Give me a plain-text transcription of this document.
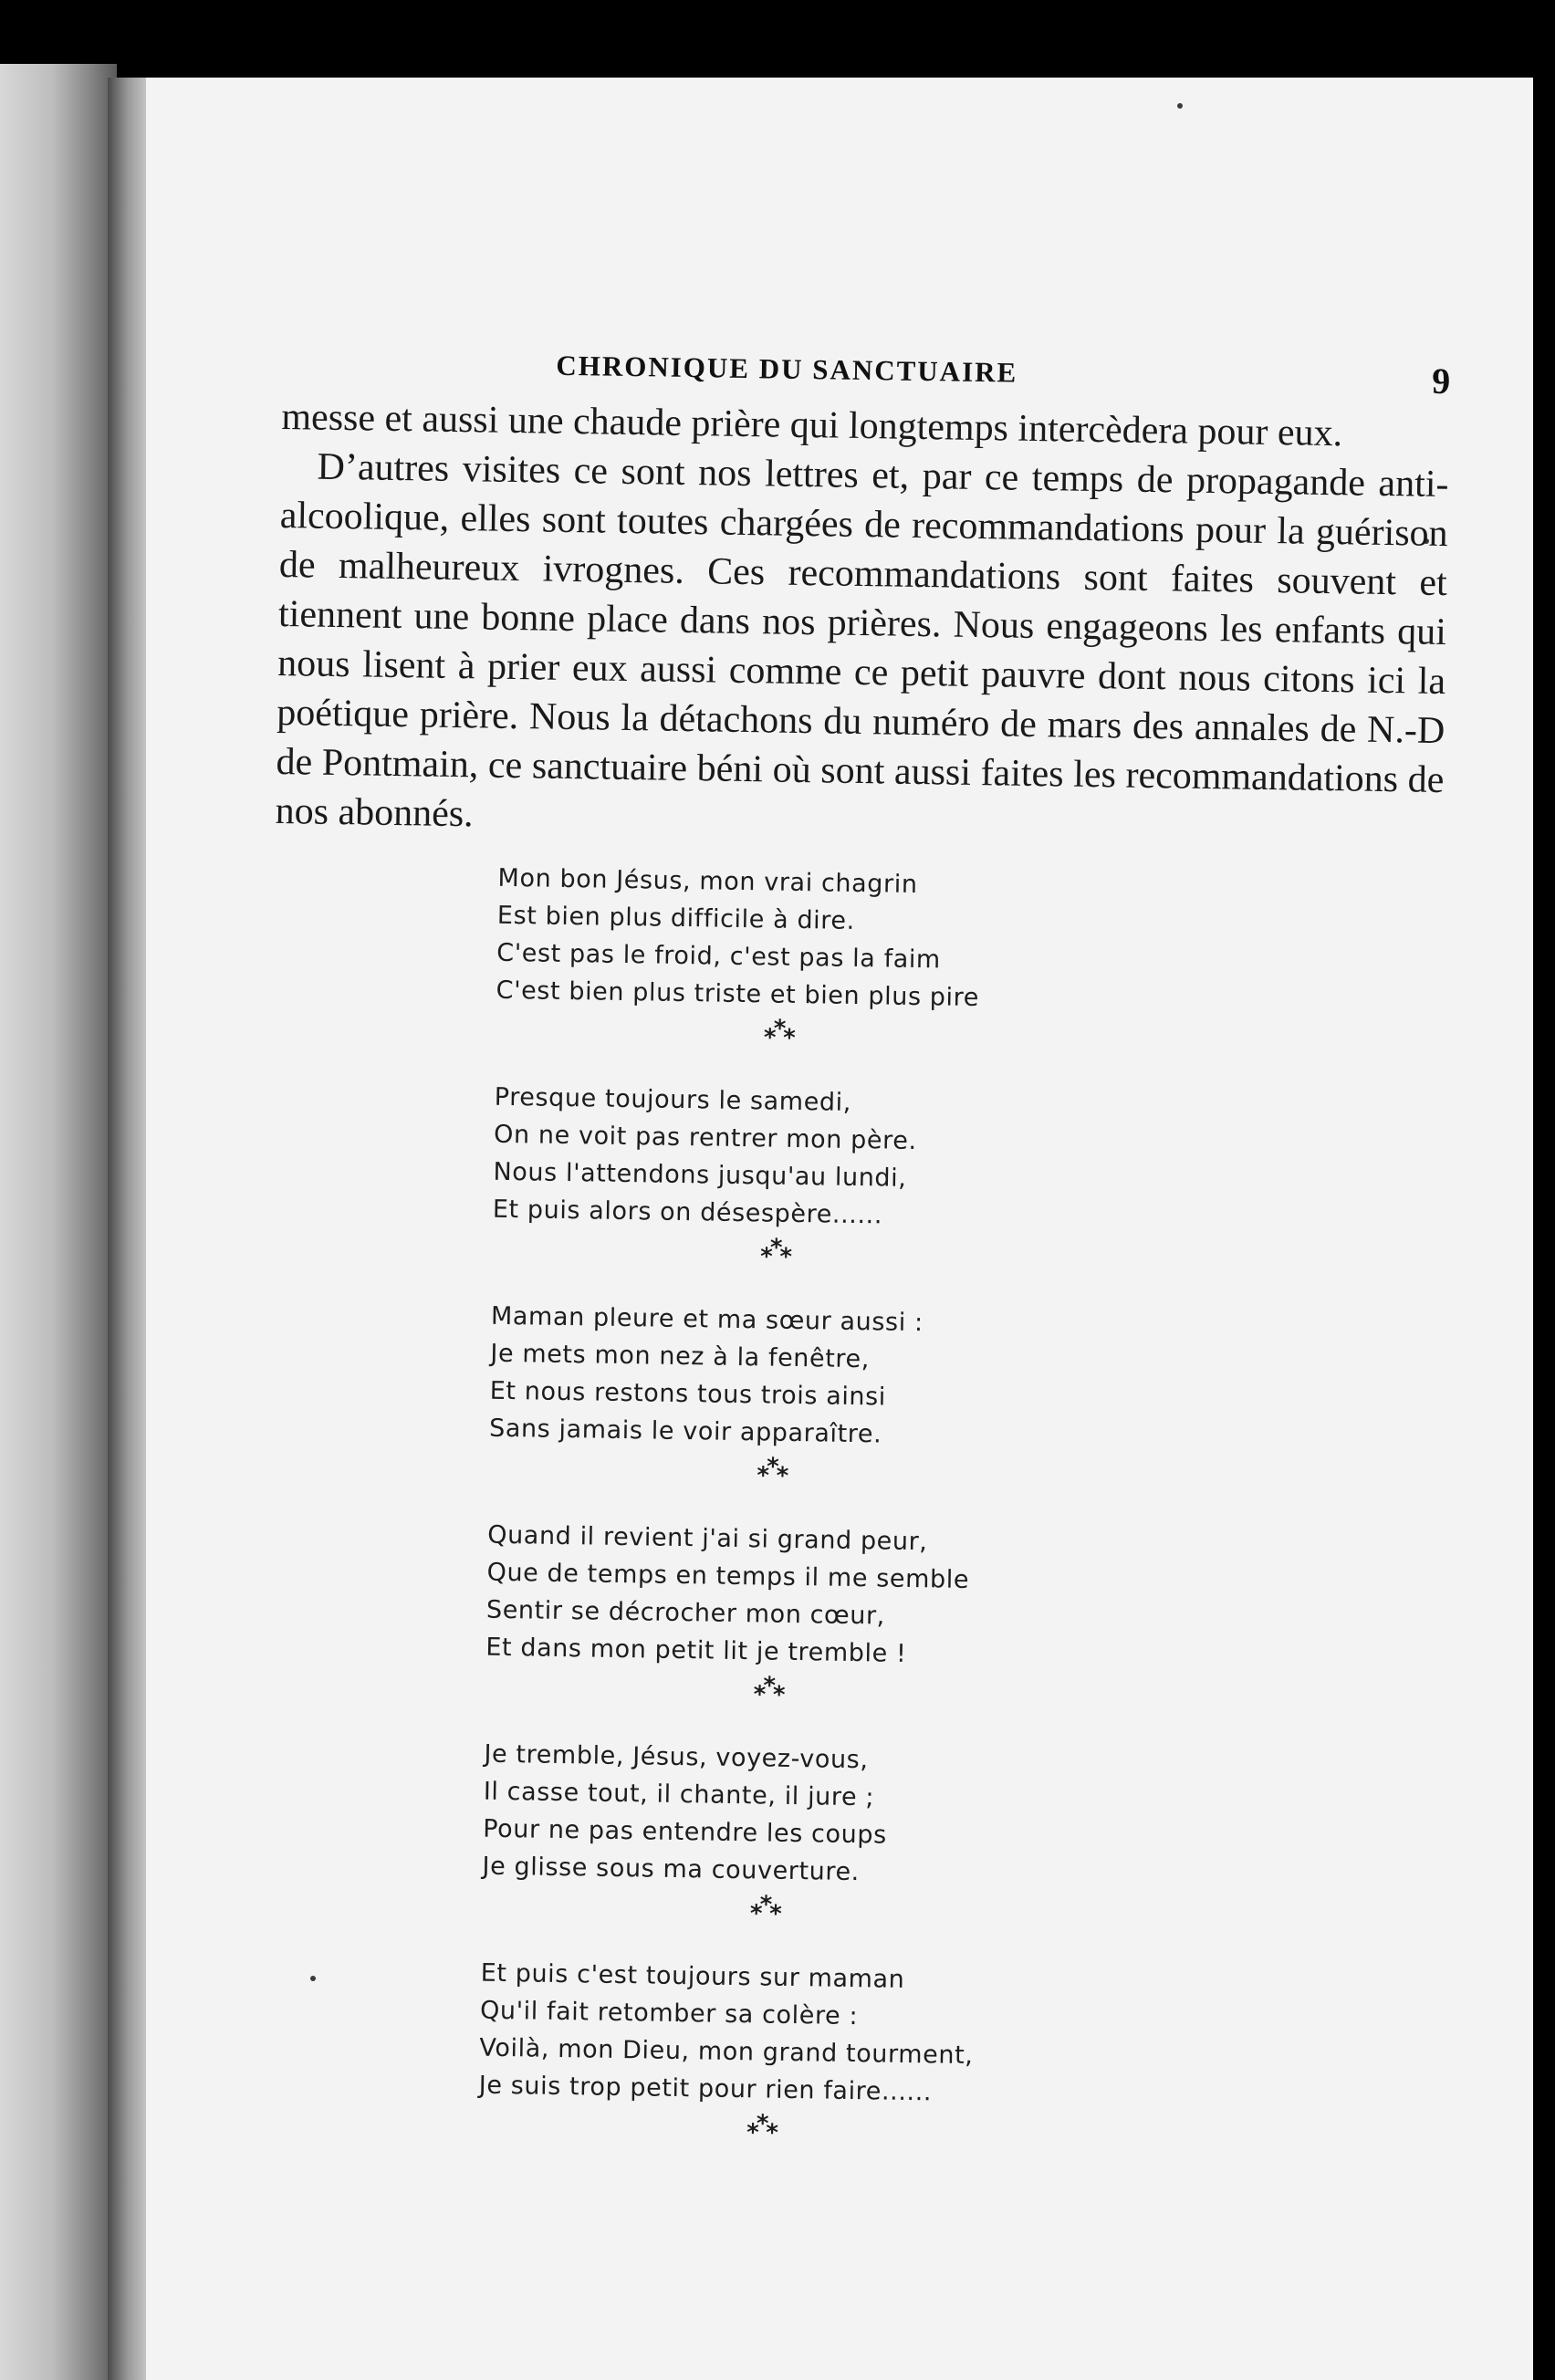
CHRONIQUE DU SANCTUAIRE	9

messe et aussi une chaude prière qui longtemps intercèdera pour eux.

D’autres visites ce sont nos lettres et, par ce temps de propagande anti-alcoolique, elles sont toutes chargées de recommandations pour la guérison de malheureux ivrognes. Ces recommandations sont faites souvent et tiennent une bonne place dans nos prières. Nous engageons les enfants qui nous lisent à prier eux aussi comme ce petit pauvre dont nous citons ici la poétique prière. Nous la détachons du numéro de mars des annales de N.-D de Pontmain, ce sanctuaire béni où sont aussi faites les recommandations de nos abonnés.

Mon bon Jésus, mon vrai chagrin
Est bien plus difficile à dire.
C'est pas le froid, c'est pas la faim
C'est bien plus triste et bien plus pire
***
Presque toujours le samedi,
On ne voit pas rentrer mon père.
Nous l'attendons jusqu'au lundi,
Et puis alors on désespère......
***
Maman pleure et ma sœur aussi :
Je mets mon nez à la fenêtre,
Et nous restons tous trois ainsi
Sans jamais le voir apparaître.
***
Quand il revient j'ai si grand peur,
Que de temps en temps il me semble
Sentir se décrocher mon cœur,
Et dans mon petit lit je tremble !
***
Je tremble, Jésus, voyez-vous,
Il casse tout, il chante, il jure ;
Pour ne pas entendre les coups
Je glisse sous ma couverture.
***
Et puis c'est toujours sur maman
Qu'il fait retomber sa colère :
Voilà, mon Dieu, mon grand tourment,
Je suis trop petit pour rien faire......
***
